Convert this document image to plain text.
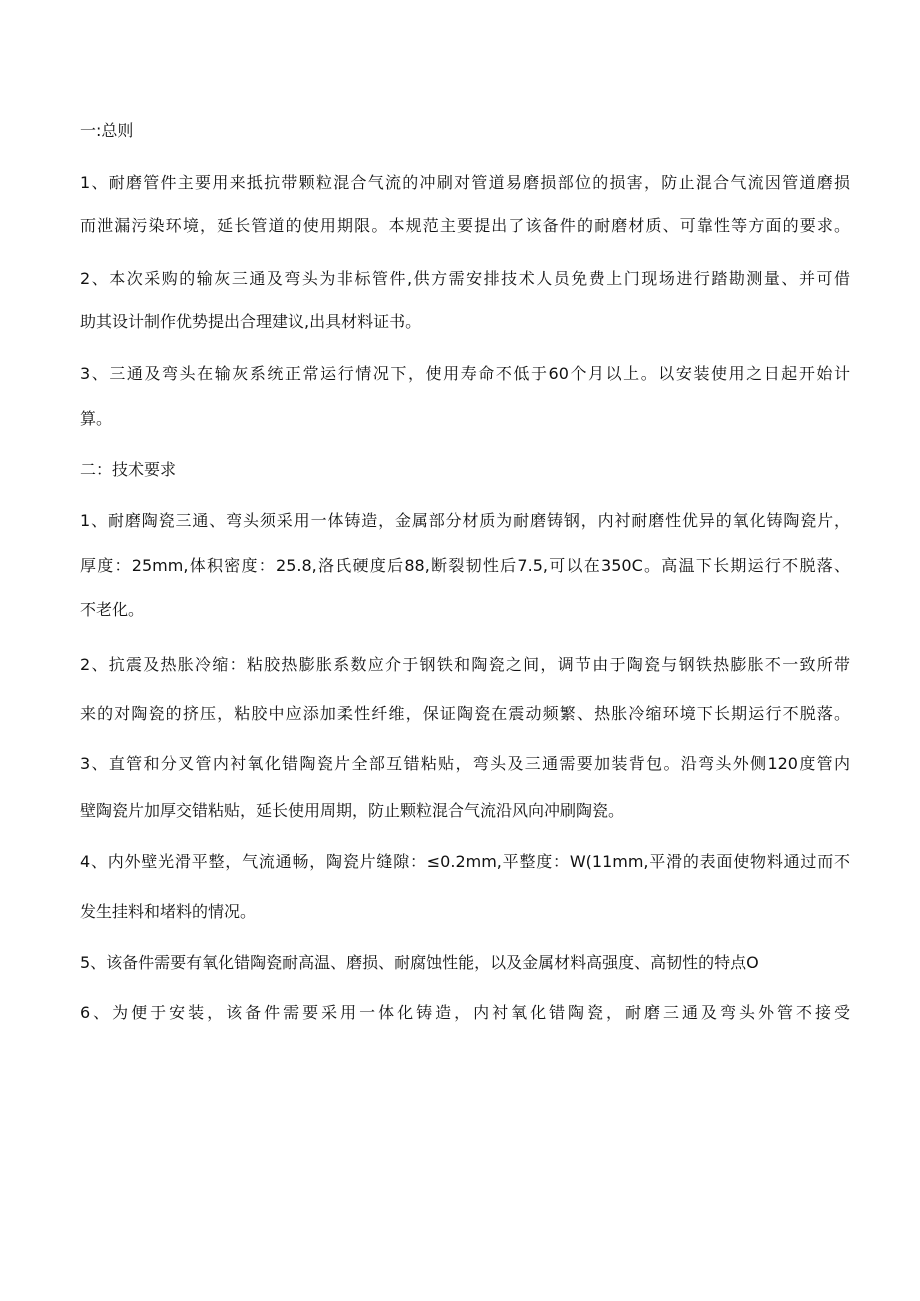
一:总则
1、耐磨管件主要用来抵抗带颗粒混合气流的冲刷对管道易磨损部位的损害，防止混合气流因管道磨损
而泄漏污染环境，延长管道的使用期限。本规范主要提出了该备件的耐磨材质、可靠性等方面的要求。
2、本次采购的输灰三通及弯头为非标管件,供方需安排技术人员免费上门现场进行踏勘测量、并可借
助其设计制作优势提出合理建议,出具材料证书。
3、三通及弯头在输灰系统正常运行情况下，使用寿命不低于60个月以上。以安装使用之日起开始计
算。
二：技术要求
1、耐磨陶瓷三通、弯头须采用一体铸造，金属部分材质为耐磨铸钢，内衬耐磨性优异的氧化铸陶瓷片，
厚度：25mm,体积密度：25.8,洛氏硬度后88,断裂韧性后7.5,可以在350C。高温下长期运行不脱落、
不老化。
2、抗震及热胀冷缩：粘胶热膨胀系数应介于钢铁和陶瓷之间，调节由于陶瓷与钢铁热膨胀不一致所带
来的对陶瓷的挤压，粘胶中应添加柔性纤维，保证陶瓷在震动频繁、热胀冷缩环境下长期运行不脱落。
3、直管和分叉管内衬氧化错陶瓷片全部互错粘贴，弯头及三通需要加装背包。沿弯头外侧120度管内
壁陶瓷片加厚交错粘贴，延长使用周期，防止颗粒混合气流沿风向冲刷陶瓷。
4、内外壁光滑平整，气流通畅，陶瓷片缝隙：≤0.2mm,平整度：W(11mm,平滑的表面使物料通过而不
发生挂料和堵料的情况。
5、该备件需要有氧化错陶瓷耐高温、磨损、耐腐蚀性能，以及金属材料高强度、高韧性的特点O
6、为便于安装，该备件需要采用一体化铸造，内衬氧化错陶瓷，耐磨三通及弯头外管不接受
